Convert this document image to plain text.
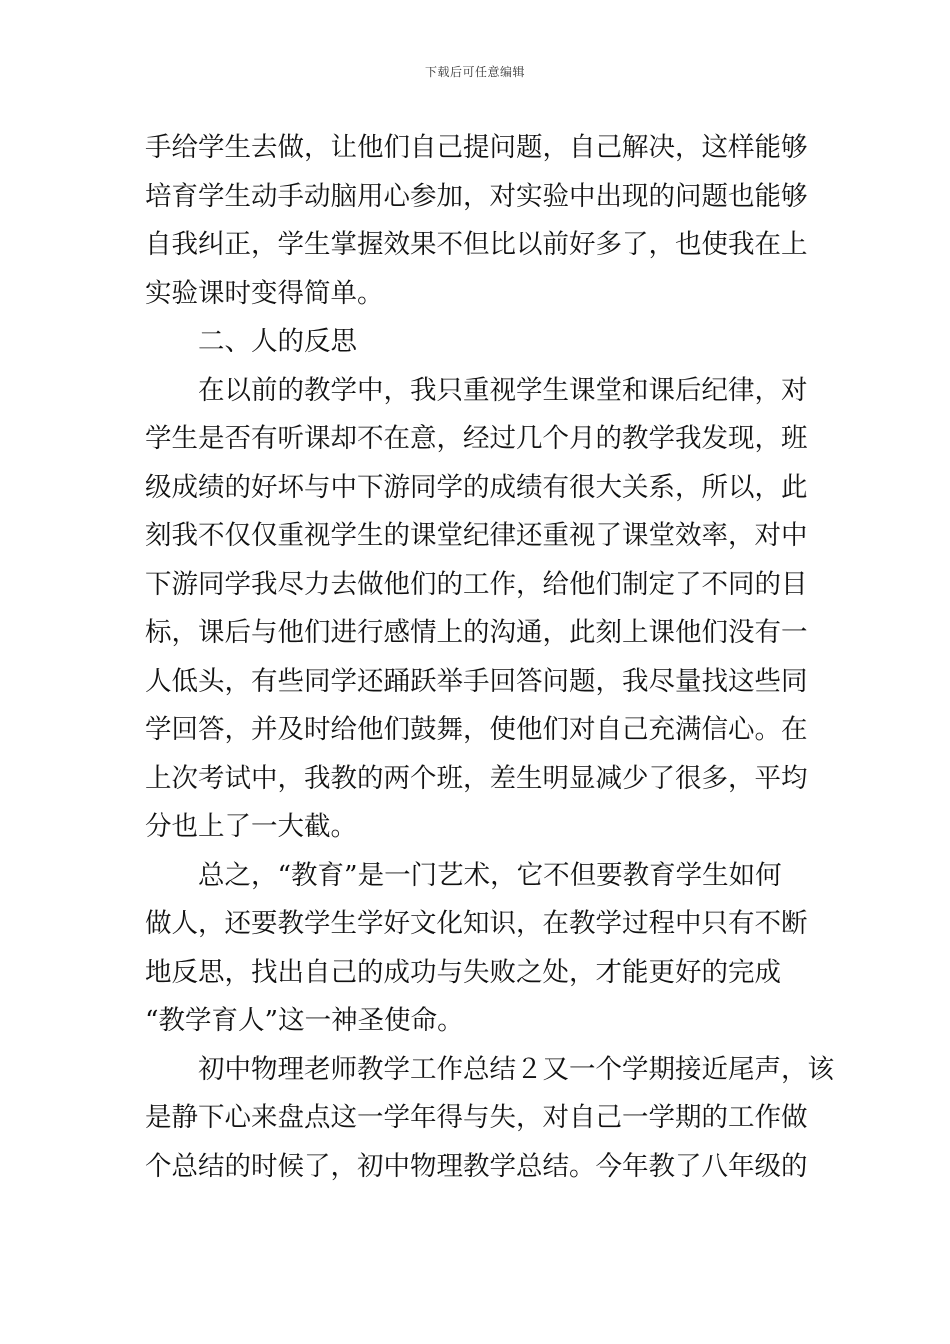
下载后可任意编辑
手给学生去做，让他们自己提问题，自己解决，这样能够
培育学生动手动脑用心参加，对实验中出现的问题也能够
自我纠正，学生掌握效果不但比以前好多了，也使我在上
实验课时变得简单。
二、人的反思
在以前的教学中，我只重视学生课堂和课后纪律，对
学生是否有听课却不在意，经过几个月的教学我发现，班
级成绩的好坏与中下游同学的成绩有很大关系，所以，此
刻我不仅仅重视学生的课堂纪律还重视了课堂效率，对中
下游同学我尽力去做他们的工作，给他们制定了不同的目
标，课后与他们进行感情上的沟通，此刻上课他们没有一
人低头，有些同学还踊跃举手回答问题，我尽量找这些同
学回答，并及时给他们鼓舞，使他们对自己充满信心。在
上次考试中，我教的两个班，差生明显减少了很多，平均
分也上了一大截。
总之，“教育”是一门艺术，它不但要教育学生如何
做人，还要教学生学好文化知识，在教学过程中只有不断
地反思，找出自己的成功与失败之处，才能更好的完成
“教学育人”这一神圣使命。
初中物理老师教学工作总结２又一个学期接近尾声，该
是静下心来盘点这一学年得与失，对自己一学期的工作做
个总结的时候了，初中物理教学总结。今年教了八年级的
